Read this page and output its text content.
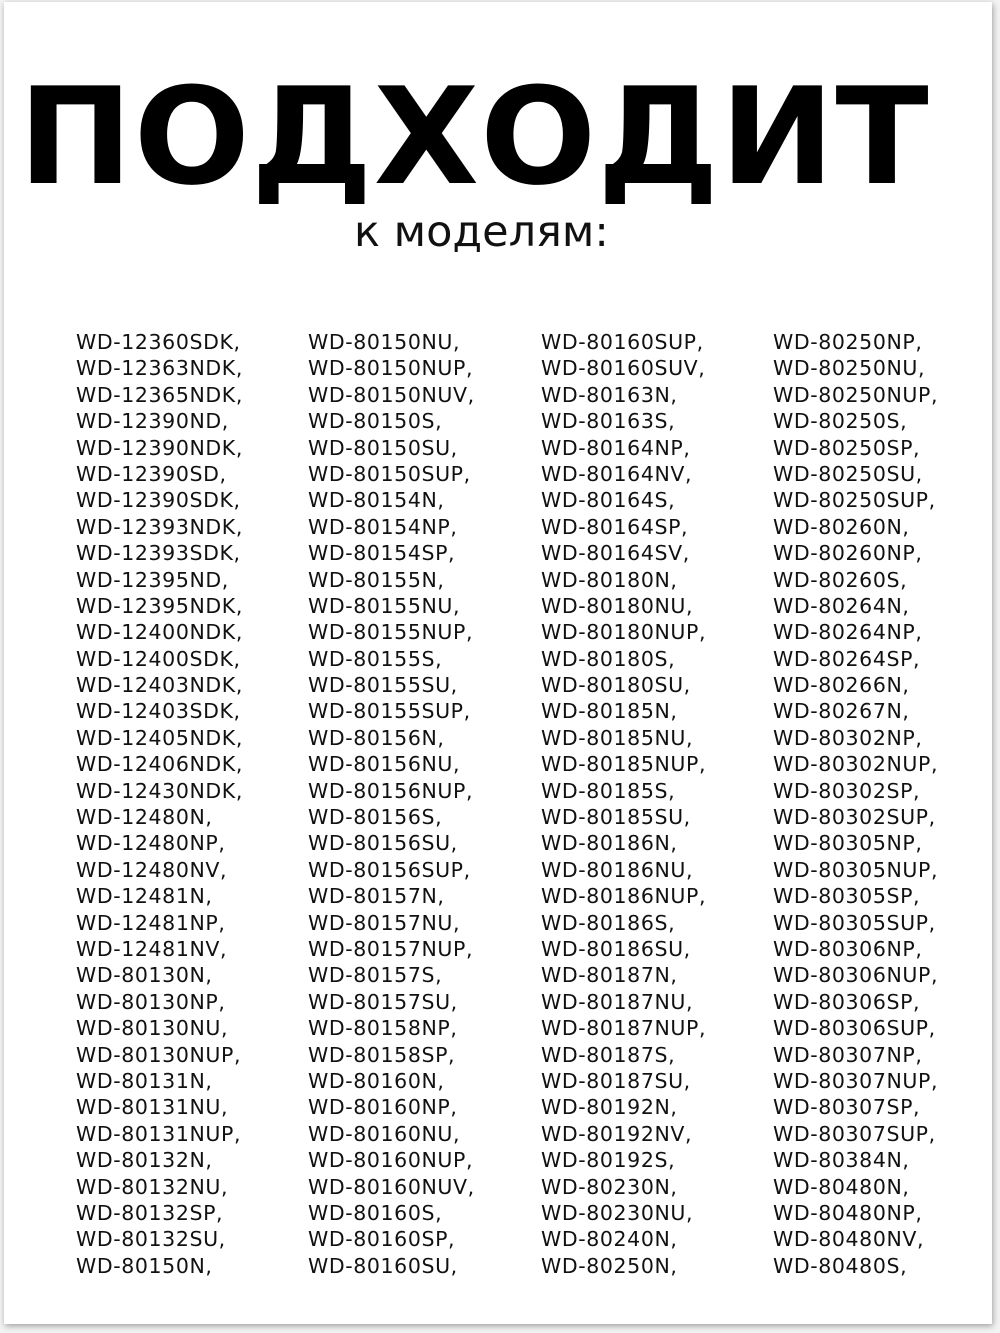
ПОДХОДИТ
к моделям:
WD-12360SDK,
WD-12363NDK,
WD-12365NDK,
WD-12390ND,
WD-12390NDK,
WD-12390SD,
WD-12390SDK,
WD-12393NDK,
WD-12393SDK,
WD-12395ND,
WD-12395NDK,
WD-12400NDK,
WD-12400SDK,
WD-12403NDK,
WD-12403SDK,
WD-12405NDK,
WD-12406NDK,
WD-12430NDK,
WD-12480N,
WD-12480NP,
WD-12480NV,
WD-12481N,
WD-12481NP,
WD-12481NV,
WD-80130N,
WD-80130NP,
WD-80130NU,
WD-80130NUP,
WD-80131N,
WD-80131NU,
WD-80131NUP,
WD-80132N,
WD-80132NU,
WD-80132SP,
WD-80132SU,
WD-80150N,
WD-80150NU,
WD-80150NUP,
WD-80150NUV,
WD-80150S,
WD-80150SU,
WD-80150SUP,
WD-80154N,
WD-80154NP,
WD-80154SP,
WD-80155N,
WD-80155NU,
WD-80155NUP,
WD-80155S,
WD-80155SU,
WD-80155SUP,
WD-80156N,
WD-80156NU,
WD-80156NUP,
WD-80156S,
WD-80156SU,
WD-80156SUP,
WD-80157N,
WD-80157NU,
WD-80157NUP,
WD-80157S,
WD-80157SU,
WD-80158NP,
WD-80158SP,
WD-80160N,
WD-80160NP,
WD-80160NU,
WD-80160NUP,
WD-80160NUV,
WD-80160S,
WD-80160SP,
WD-80160SU,
WD-80160SUP,
WD-80160SUV,
WD-80163N,
WD-80163S,
WD-80164NP,
WD-80164NV,
WD-80164S,
WD-80164SP,
WD-80164SV,
WD-80180N,
WD-80180NU,
WD-80180NUP,
WD-80180S,
WD-80180SU,
WD-80185N,
WD-80185NU,
WD-80185NUP,
WD-80185S,
WD-80185SU,
WD-80186N,
WD-80186NU,
WD-80186NUP,
WD-80186S,
WD-80186SU,
WD-80187N,
WD-80187NU,
WD-80187NUP,
WD-80187S,
WD-80187SU,
WD-80192N,
WD-80192NV,
WD-80192S,
WD-80230N,
WD-80230NU,
WD-80240N,
WD-80250N,
WD-80250NP,
WD-80250NU,
WD-80250NUP,
WD-80250S,
WD-80250SP,
WD-80250SU,
WD-80250SUP,
WD-80260N,
WD-80260NP,
WD-80260S,
WD-80264N,
WD-80264NP,
WD-80264SP,
WD-80266N,
WD-80267N,
WD-80302NP,
WD-80302NUP,
WD-80302SP,
WD-80302SUP,
WD-80305NP,
WD-80305NUP,
WD-80305SP,
WD-80305SUP,
WD-80306NP,
WD-80306NUP,
WD-80306SP,
WD-80306SUP,
WD-80307NP,
WD-80307NUP,
WD-80307SP,
WD-80307SUP,
WD-80384N,
WD-80480N,
WD-80480NP,
WD-80480NV,
WD-80480S,
